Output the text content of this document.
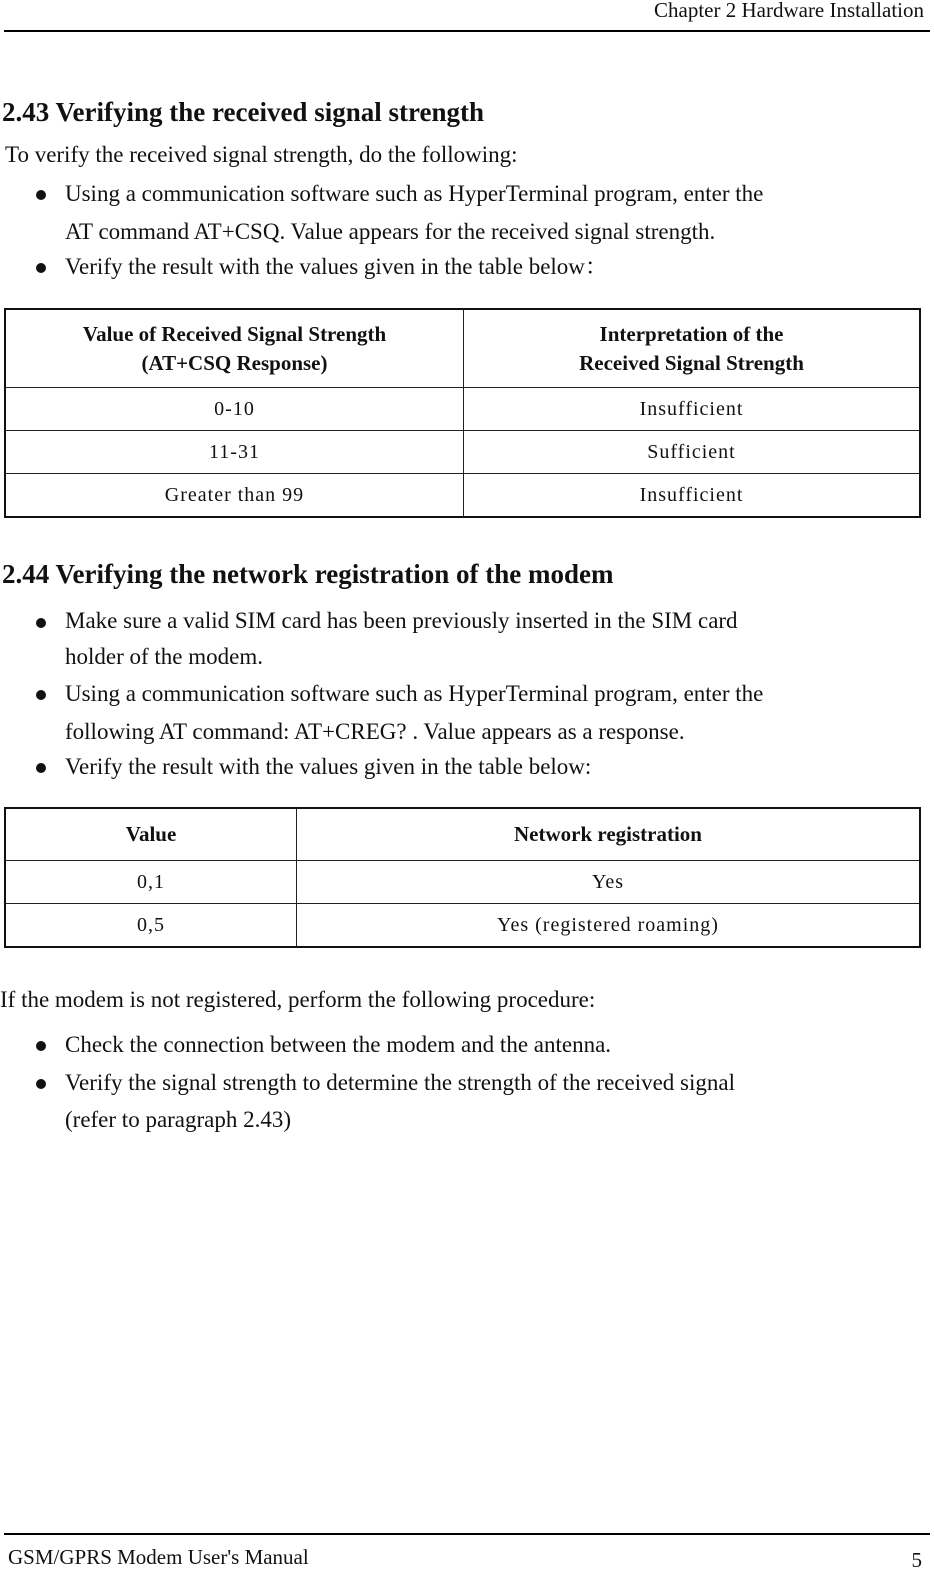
Chapter 2 Hardware Installation
2.43 Verifying the received signal strength

To verify the received signal strength, do the following:

Using a communication software such as HyperTerminal program, enter the
AT command AT+CSQ. Value appears for the received signal strength.
Verify the result with the values given in the table below：
Value of Received Signal Strength
(AT+CSQ Response)	Interpretation of the
Received Signal Strength
0-10	Insufficient
11-31	Sufficient
Greater than 99	Insufficient
2.44 Verifying the network registration of the modem
Make sure a valid SIM card has been previously inserted in the SIM card
holder of the modem.
Using a communication software such as HyperTerminal program, enter the
following AT command: AT+CREG? . Value appears as a response.
Verify the result with the values given in the table below:
Value	Network registration
0,1	Yes
0,5	Yes (registered roaming)

If the modem is not registered, perform the following procedure:

Check the connection between the modem and the antenna.
Verify the signal strength to determine the strength of the received signal
(refer to paragraph 2.43)
GSM/GPRS Modem User's Manual	5
